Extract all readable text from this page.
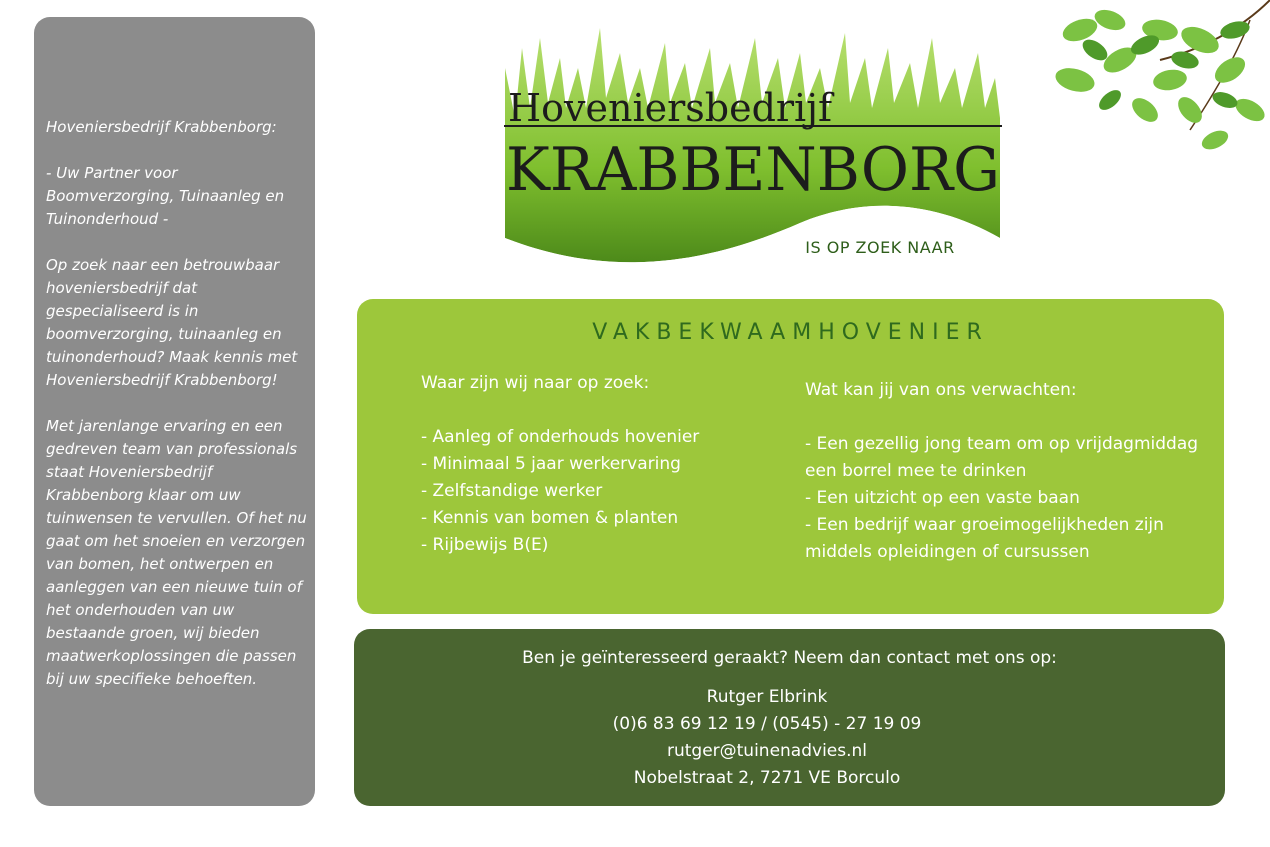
Hoveniersbedrijf Krabbenborg:

- Uw Partner voor Boomverzorging, Tuinaanleg en Tuinonderhoud -

Op zoek naar een betrouwbaar hoveniersbedrijf dat gespecialiseerd is in boomverzorging, tuinaanleg en tuinonderhoud? Maak kennis met Hoveniersbedrijf Krabbenborg!

Met jarenlange ervaring en een gedreven team van professionals staat Hoveniersbedrijf Krabbenborg klaar om uw tuinwensen te vervullen. Of het nu gaat om het snoeien en verzorgen van bomen, het ontwerpen en aanleggen van een nieuwe tuin of het onderhouden van uw bestaande groen, wij bieden maatwerkoplossingen die passen bij uw specifieke behoeften.

Hoveniersbedrijf
KRABBENBORG
IS OP ZOEK NAAR
VAKBEKWAAMHOVENIER
Waar zijn wij naar op zoek:
- Aanleg of onderhouds hovenier
- Minimaal 5 jaar werkervaring
- Zelfstandige werker
- Kennis van bomen & planten
- Rijbewijs B(E)
Wat kan jij van ons verwachten:
- Een gezellig jong team om op vrijdagmiddag een borrel mee te drinken
- Een uitzicht op een vaste baan
- Een bedrijf waar groeimogelijkheden zijn middels opleidingen of cursussen
Ben je geïnteresseerd geraakt? Neem dan contact met ons op:
Rutger Elbrink
(0)6 83 69 12 19 / (0545) - 27 19 09
rutger@tuinenadvies.nl
Nobelstraat 2, 7271 VE Borculo
